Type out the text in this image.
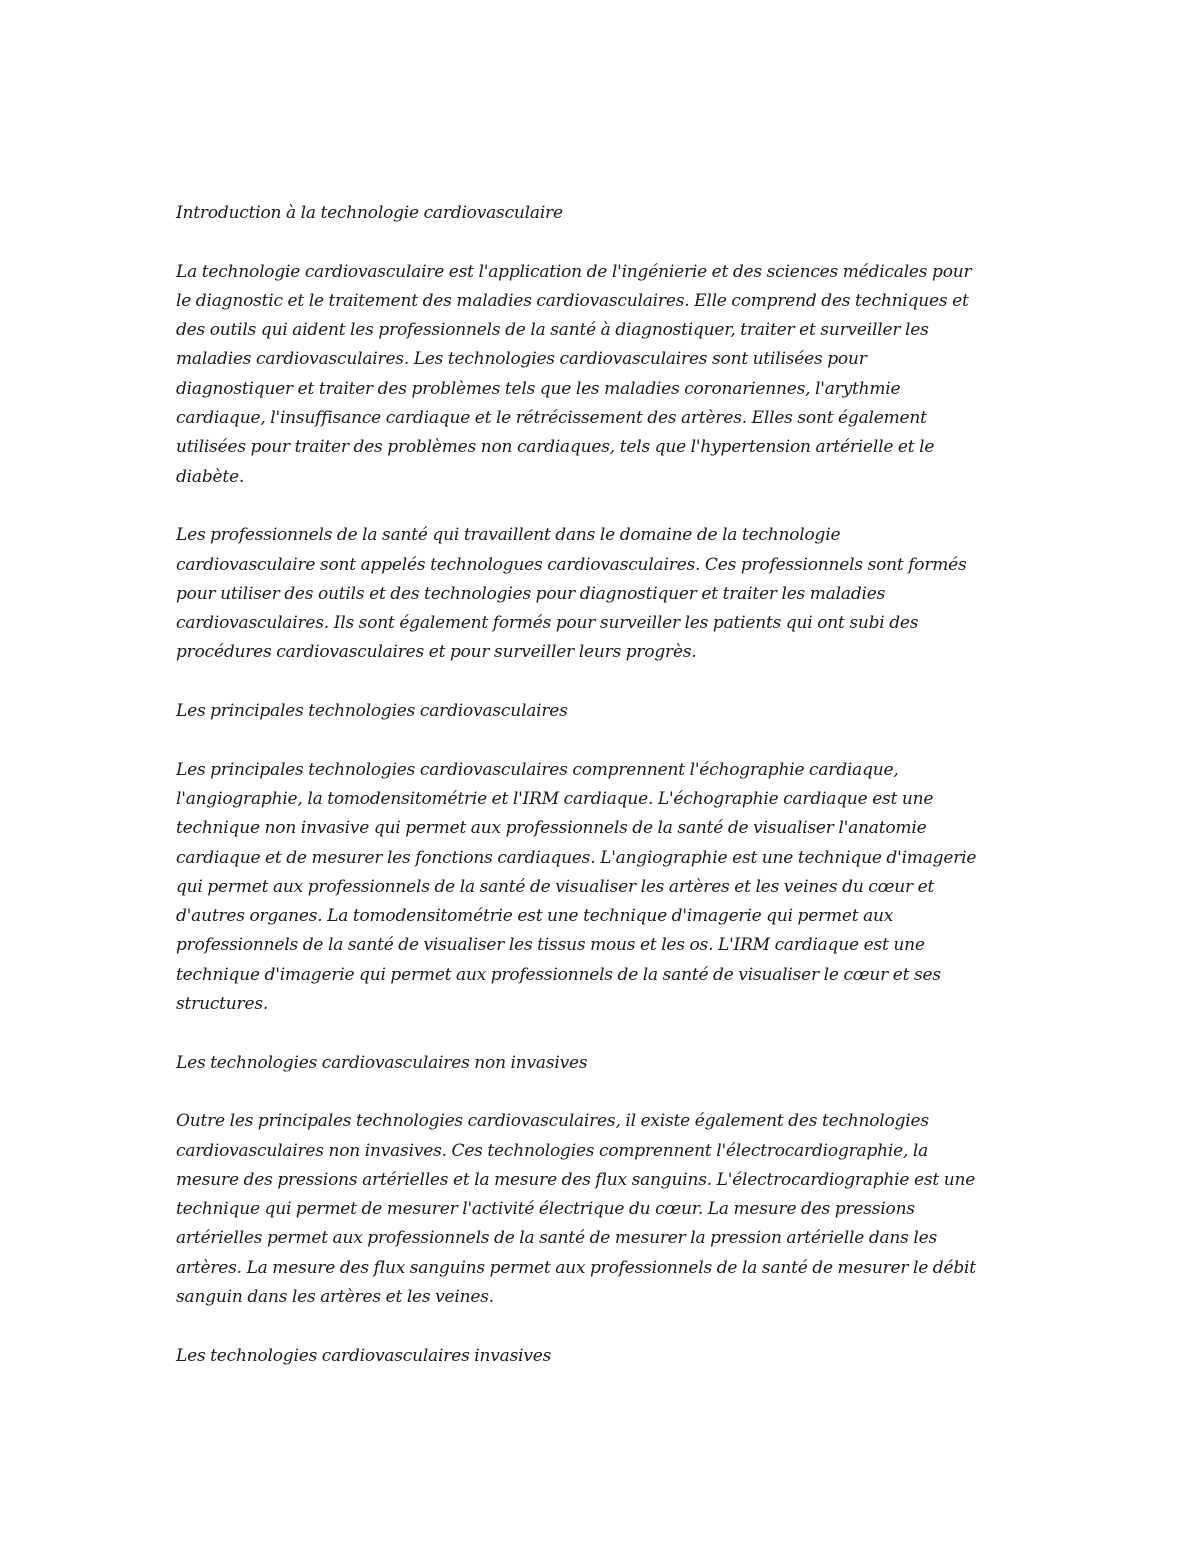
Introduction à la technologie cardiovasculaire
La technologie cardiovasculaire est l'application de l'ingénierie et des sciences médicales pour
le diagnostic et le traitement des maladies cardiovasculaires. Elle comprend des techniques et
des outils qui aident les professionnels de la santé à diagnostiquer, traiter et surveiller les
maladies cardiovasculaires. Les technologies cardiovasculaires sont utilisées pour
diagnostiquer et traiter des problèmes tels que les maladies coronariennes, l'arythmie
cardiaque, l'insuffisance cardiaque et le rétrécissement des artères. Elles sont également
utilisées pour traiter des problèmes non cardiaques, tels que l'hypertension artérielle et le
diabète.
Les professionnels de la santé qui travaillent dans le domaine de la technologie
cardiovasculaire sont appelés technologues cardiovasculaires. Ces professionnels sont formés
pour utiliser des outils et des technologies pour diagnostiquer et traiter les maladies
cardiovasculaires. Ils sont également formés pour surveiller les patients qui ont subi des
procédures cardiovasculaires et pour surveiller leurs progrès.
Les principales technologies cardiovasculaires
Les principales technologies cardiovasculaires comprennent l'échographie cardiaque,
l'angiographie, la tomodensitométrie et l'IRM cardiaque. L'échographie cardiaque est une
technique non invasive qui permet aux professionnels de la santé de visualiser l'anatomie
cardiaque et de mesurer les fonctions cardiaques. L'angiographie est une technique d'imagerie
qui permet aux professionnels de la santé de visualiser les artères et les veines du cœur et
d'autres organes. La tomodensitométrie est une technique d'imagerie qui permet aux
professionnels de la santé de visualiser les tissus mous et les os. L'IRM cardiaque est une
technique d'imagerie qui permet aux professionnels de la santé de visualiser le cœur et ses
structures.
Les technologies cardiovasculaires non invasives
Outre les principales technologies cardiovasculaires, il existe également des technologies
cardiovasculaires non invasives. Ces technologies comprennent l'électrocardiographie, la
mesure des pressions artérielles et la mesure des flux sanguins. L'électrocardiographie est une
technique qui permet de mesurer l'activité électrique du cœur. La mesure des pressions
artérielles permet aux professionnels de la santé de mesurer la pression artérielle dans les
artères. La mesure des flux sanguins permet aux professionnels de la santé de mesurer le débit
sanguin dans les artères et les veines.
Les technologies cardiovasculaires invasives
